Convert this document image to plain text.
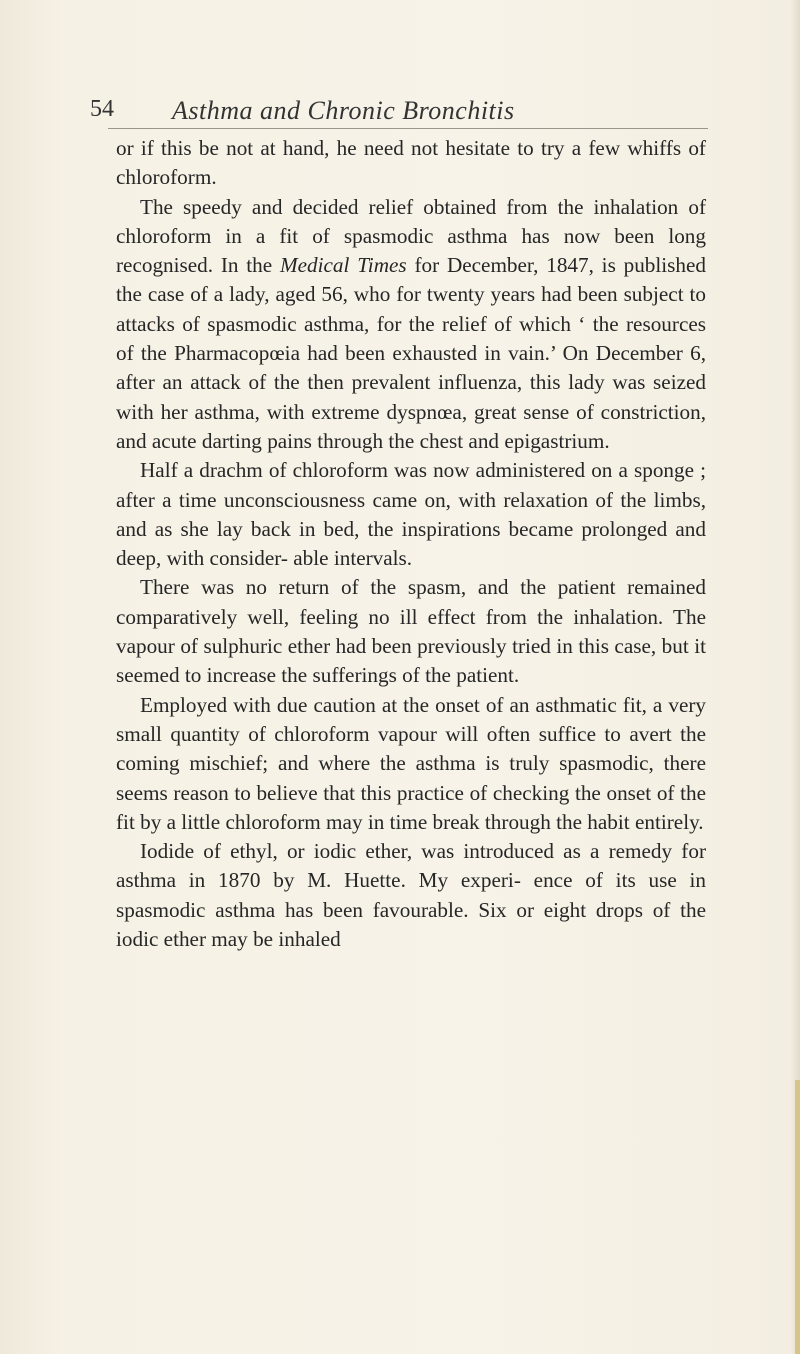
54 Asthma and Chronic Bronchitis

or if this be not at hand, he need not hesitate to try a few whiffs of chloroform.

The speedy and decided relief obtained from the inhalation of chloroform in a fit of spasmodic asthma has now been long recognised. In the Medical Times for December, 1847, is published the case of a lady, aged 56, who for twenty years had been subject to attacks of spasmodic asthma, for the relief of which ‘ the resources of the Pharmacopœia had been exhausted in vain.’ On December 6, after an attack of the then prevalent influenza, this lady was seized with her asthma, with extreme dyspnœa, great sense of constriction, and acute darting pains through the chest and epigastrium.

Half a drachm of chloroform was now administered on a sponge ; after a time unconsciousness came on, with relaxation of the limbs, and as she lay back in bed, the inspirations became prolonged and deep, with consider- able intervals.

There was no return of the spasm, and the patient remained comparatively well, feeling no ill effect from the inhalation. The vapour of sulphuric ether had been previously tried in this case, but it seemed to increase the sufferings of the patient.

Employed with due caution at the onset of an asthmatic fit, a very small quantity of chloroform vapour will often suffice to avert the coming mischief; and where the asthma is truly spasmodic, there seems reason to believe that this practice of checking the onset of the fit by a little chloroform may in time break through the habit entirely.

Iodide of ethyl, or iodic ether, was introduced as a remedy for asthma in 1870 by M. Huette. My experi- ence of its use in spasmodic asthma has been favourable. Six or eight drops of the iodic ether may be inhaled
